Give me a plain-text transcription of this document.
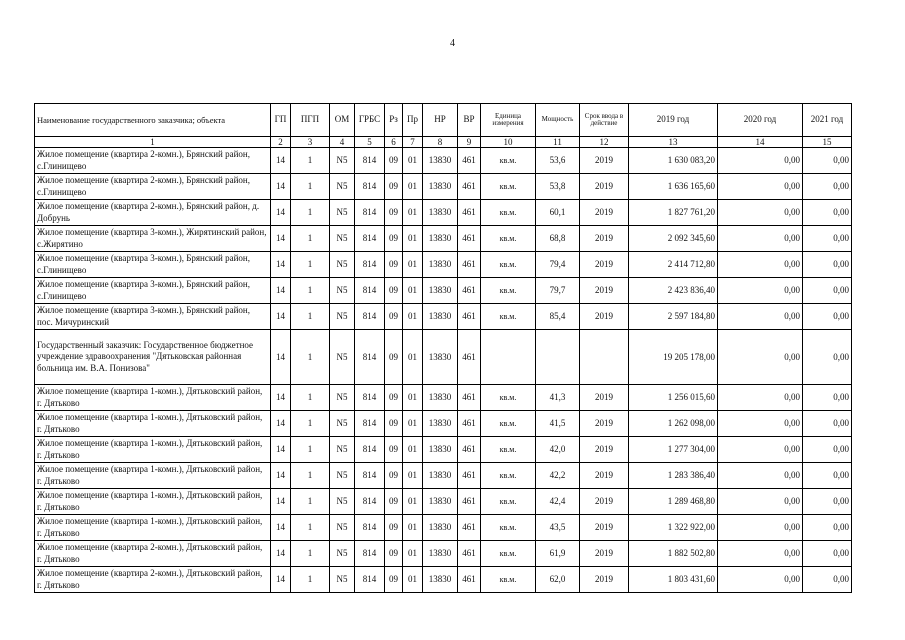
4
Наименование государственного заказчика; объекта	ГП	ПГП	ОМ	ГРБС	Рз	Пр	НР	ВР	Единица измерения	Мощность	Срок ввода в действие	2019 год	2020 год	2021 год
1	2	3	4	5	6	7	8	9	10	11	12	13	14	15
Жилое помещение (квартира 2-комн.), Брянский район, с.Глинищево	14	1	N5	814	09	01	13830	461	кв.м.	53,6	2019	1 630 083,20	0,00	0,00
Жилое помещение (квартира 2-комн.), Брянский район, с.Глинищево	14	1	N5	814	09	01	13830	461	кв.м.	53,8	2019	1 636 165,60	0,00	0,00
Жилое помещение (квартира 2-комн.), Брянский район, д. Добрунь	14	1	N5	814	09	01	13830	461	кв.м.	60,1	2019	1 827 761,20	0,00	0,00
Жилое помещение (квартира 3-комн.), Жирятинский район, с.Жирятино	14	1	N5	814	09	01	13830	461	кв.м.	68,8	2019	2 092 345,60	0,00	0,00
Жилое помещение (квартира 3-комн.), Брянский район, с.Глинищево	14	1	N5	814	09	01	13830	461	кв.м.	79,4	2019	2 414 712,80	0,00	0,00
Жилое помещение (квартира 3-комн.), Брянский район, с.Глинищево	14	1	N5	814	09	01	13830	461	кв.м.	79,7	2019	2 423 836,40	0,00	0,00
Жилое помещение (квартира 3-комн.), Брянский район, пос. Мичуринский	14	1	N5	814	09	01	13830	461	кв.м.	85,4	2019	2 597 184,80	0,00	0,00
Государственный заказчик: Государственное бюджетное учреждение здравоохранения "Дятьковская районная больница им. В.А. Понизова"	14	1	N5	814	09	01	13830	461				19 205 178,00	0,00	0,00
Жилое помещение (квартира 1-комн.), Дятьковский район, г. Дятьково	14	1	N5	814	09	01	13830	461	кв.м.	41,3	2019	1 256 015,60	0,00	0,00
Жилое помещение (квартира 1-комн.), Дятьковский район, г. Дятьково	14	1	N5	814	09	01	13830	461	кв.м.	41,5	2019	1 262 098,00	0,00	0,00
Жилое помещение (квартира 1-комн.), Дятьковский район, г. Дятьково	14	1	N5	814	09	01	13830	461	кв.м.	42,0	2019	1 277 304,00	0,00	0,00
Жилое помещение (квартира 1-комн.), Дятьковский район, г. Дятьково	14	1	N5	814	09	01	13830	461	кв.м.	42,2	2019	1 283 386,40	0,00	0,00
Жилое помещение (квартира 1-комн.), Дятьковский район, г. Дятьково	14	1	N5	814	09	01	13830	461	кв.м.	42,4	2019	1 289 468,80	0,00	0,00
Жилое помещение (квартира 1-комн.), Дятьковский район, г. Дятьково	14	1	N5	814	09	01	13830	461	кв.м.	43,5	2019	1 322 922,00	0,00	0,00
Жилое помещение (квартира 2-комн.), Дятьковский район, г. Дятьково	14	1	N5	814	09	01	13830	461	кв.м.	61,9	2019	1 882 502,80	0,00	0,00
Жилое помещение (квартира 2-комн.), Дятьковский район, г. Дятьково	14	1	N5	814	09	01	13830	461	кв.м.	62,0	2019	1 803 431,60	0,00	0,00
